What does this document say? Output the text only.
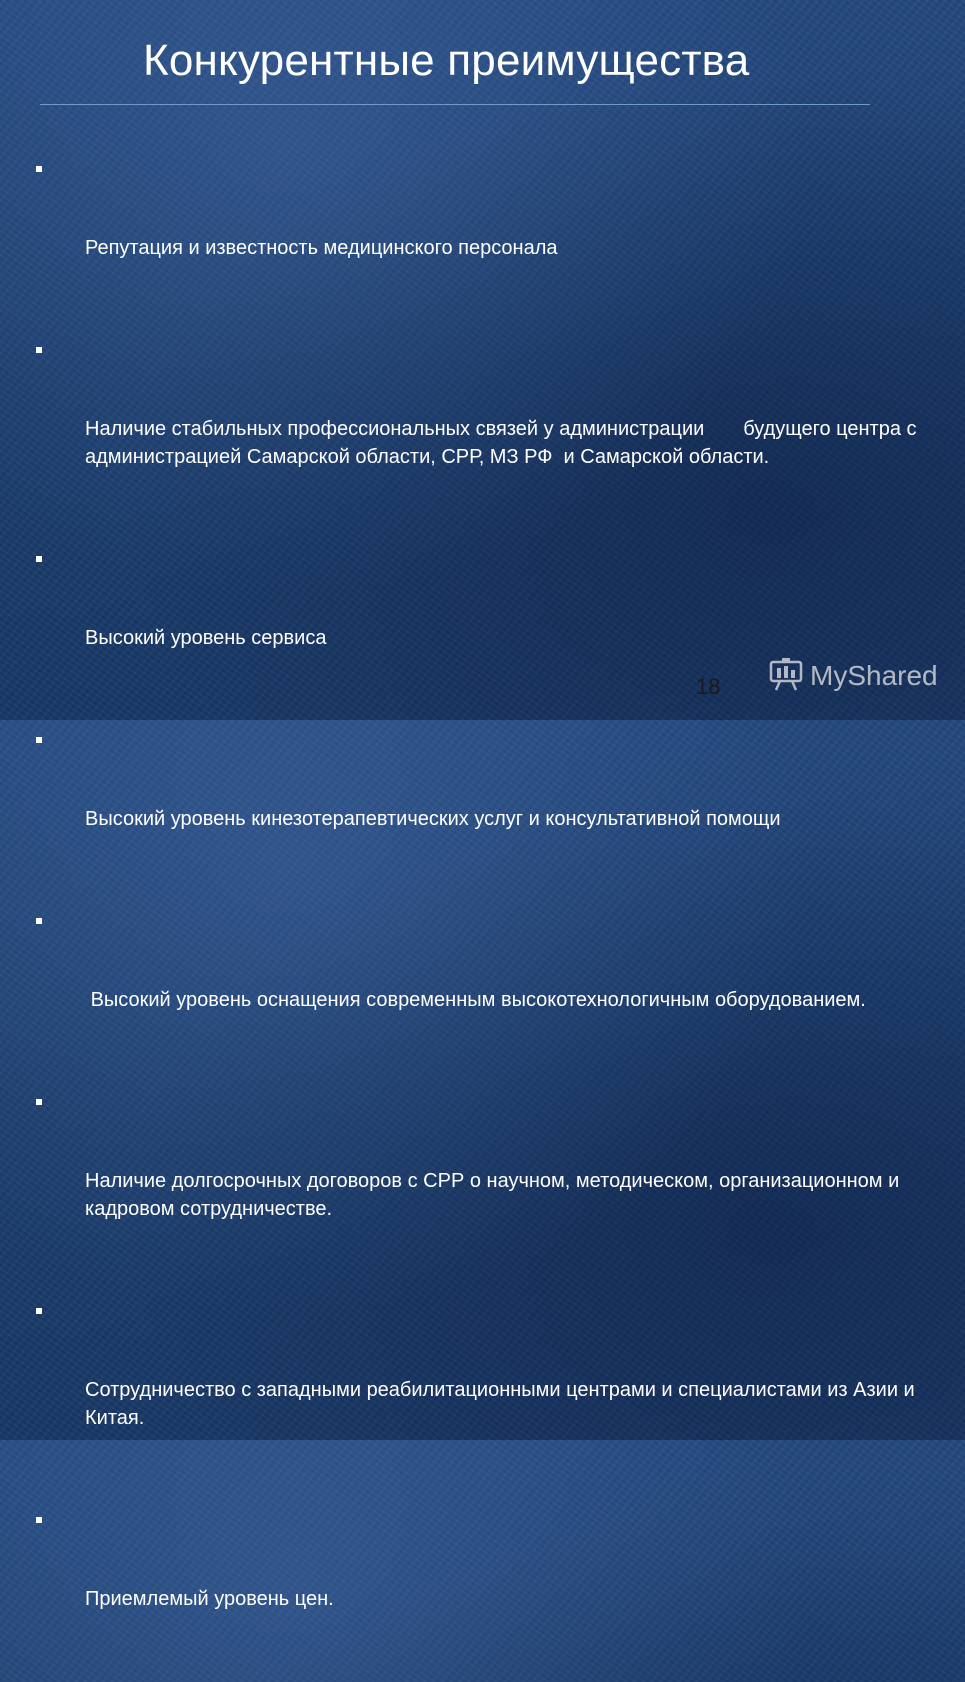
Конкурентные преимущества

Репутация и известность медицинского персонала

Наличие стабильных профессиональных связей у администрации       будущего центра с администрацией Самарской области, СРР, МЗ РФ  и Самарской области.

Высокий уровень сервиса

Высокий уровень кинезотерапевтических услуг и консультативной помощи

Высокий уровень оснащения современным высокотехнологичным оборудованием.

Наличие долгосрочных договоров с СРР о научном, методическом, организационном и кадровом сотрудничестве.

Сотрудничество с западными реабилитационными центрами и специалистами из Азии и Китая.

Приемлемый уровень цен.

18	MyShared
